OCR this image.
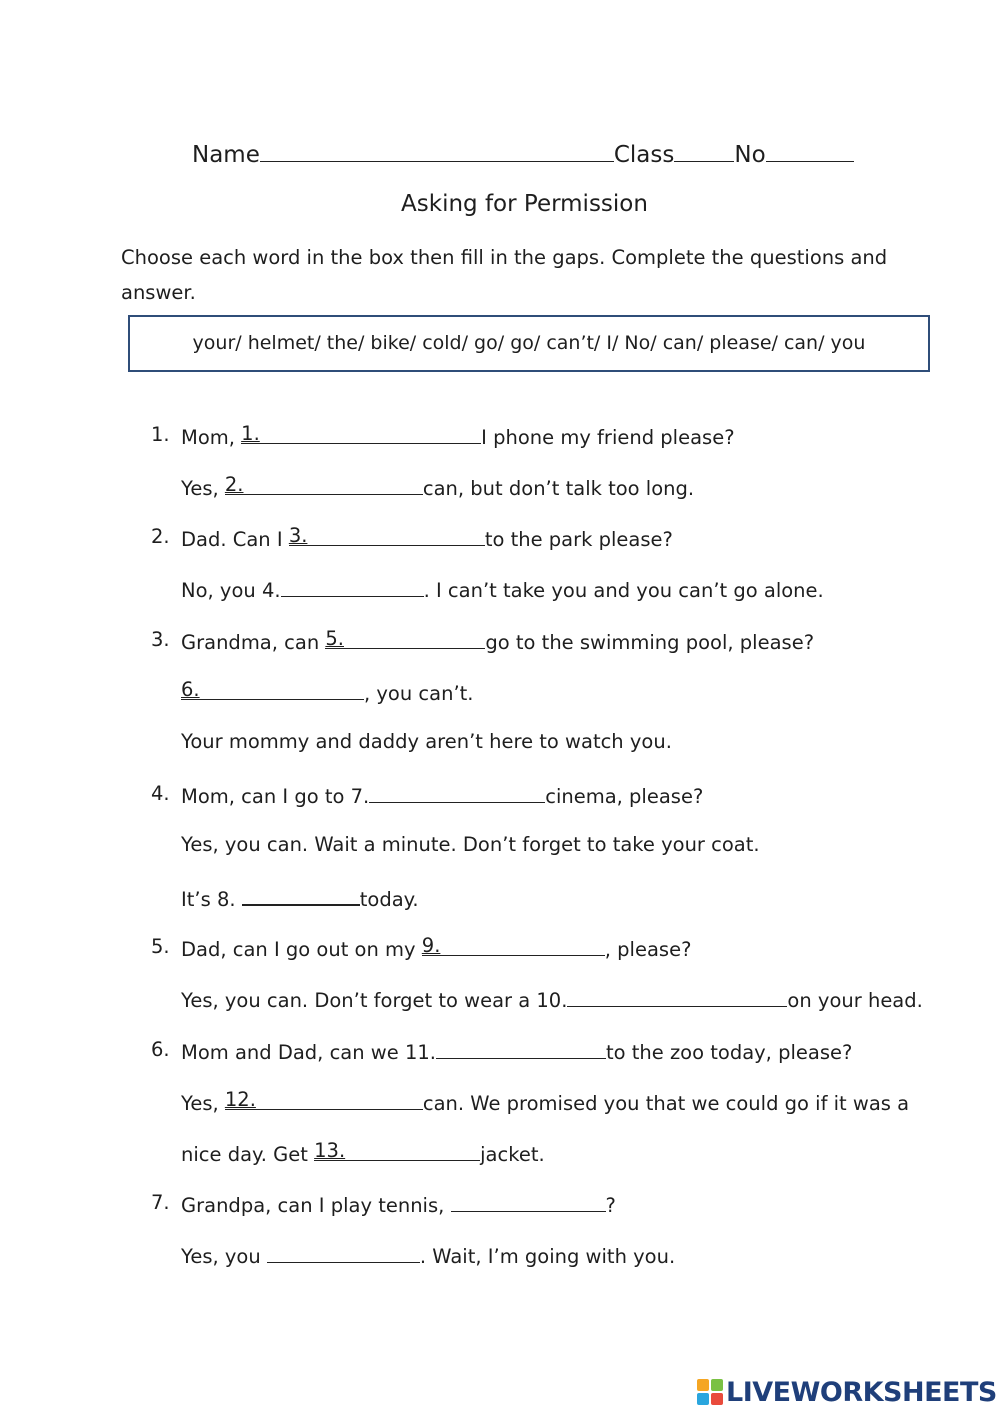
Name	Class	No
Asking for Permission
Choose each word in the box then fill in the gaps. Complete the questions and answer.
your/ helmet/ the/ bike/ cold/ go/ go/ can’t/ I/ No/ can/ please/ can/ you
1. Mom, 1.	I phone my friend please?
Yes, 2.	can, but don’t talk too long.
2. Dad. Can I 3.	to the park please?
No, you 4.	. I can’t take you and you can’t go alone.
3. Grandma, can 5.	go to the swimming pool, please?
6.	, you can’t.
Your mommy and daddy aren’t here to watch you.
4. Mom, can I go to 7.	cinema, please?
Yes, you can. Wait a minute. Don’t forget to take your coat.
It’s 8.	today.
5. Dad, can I go out on my 9.	, please?
Yes, you can. Don’t forget to wear a 10.	on your head.
6. Mom and Dad, can we 11.	to the zoo today, please?
Yes, 12.	can. We promised you that we could go if it was a
nice day. Get 13.	jacket.
7. Grandpa, can I play tennis,	?
Yes, you	. Wait, I’m going with you.
LIVEWORKSHEETS
